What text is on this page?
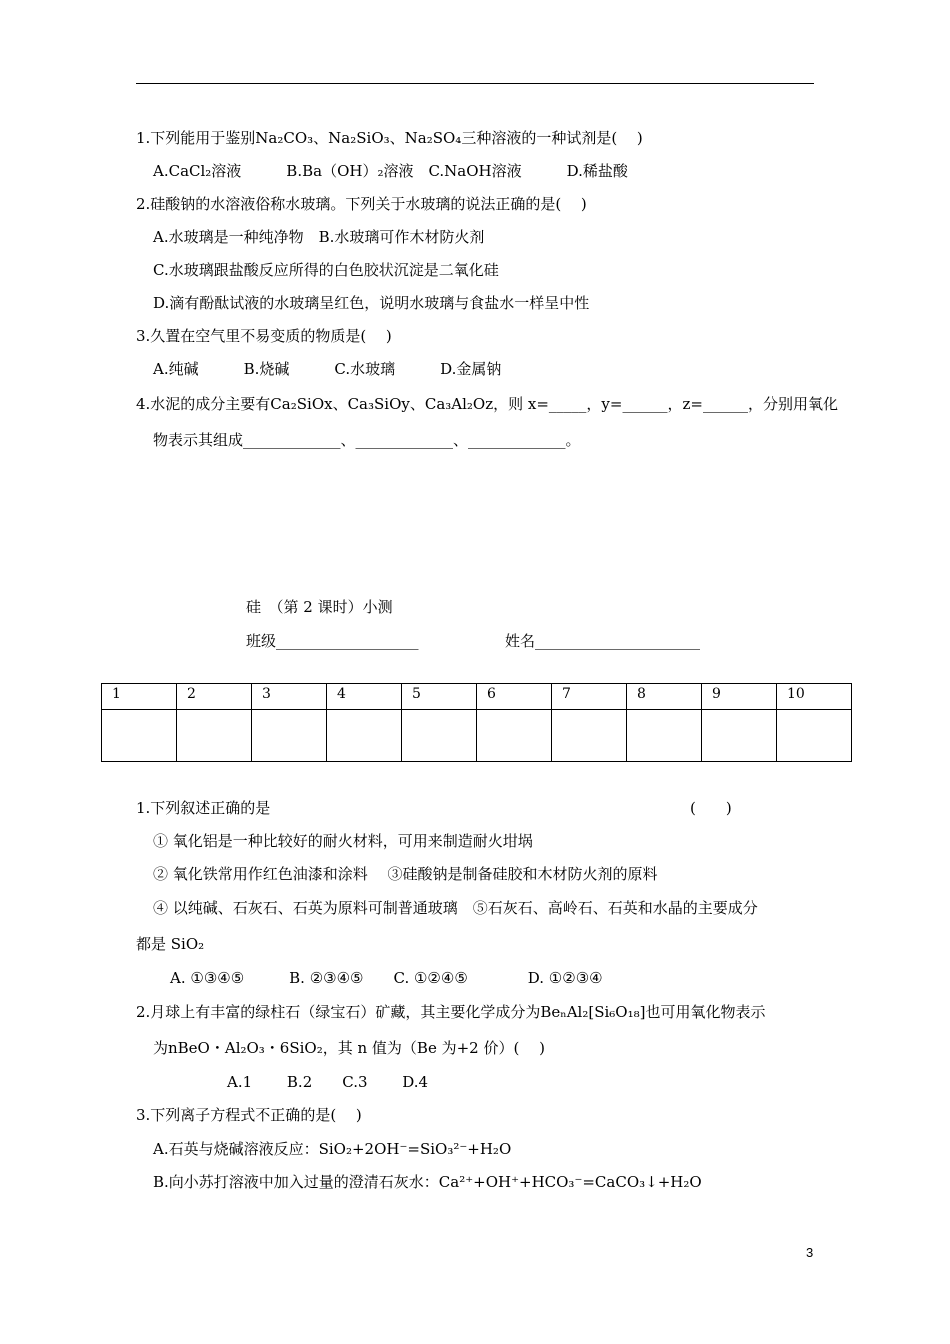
1.下列能用于鉴别Na₂CO₃、Na₂SiO₃、Na₂SO₄三种溶液的一种试剂是(　 )
A.CaCl₂溶液　　　B.Ba（OH）₂溶液　C.NaOH溶液　　　D.稀盐酸
2.硅酸钠的水溶液俗称水玻璃。下列关于水玻璃的说法正确的是(　 )
A.水玻璃是一种纯净物　B.水玻璃可作木材防火剂
C.水玻璃跟盐酸反应所得的白色胶状沉淀是二氧化硅
D.滴有酚酞试液的水玻璃呈红色，说明水玻璃与食盐水一样呈中性
3.久置在空气里不易变质的物质是(　 )
A.纯碱　　　B.烧碱　　　C.水玻璃　　　D.金属钠
4.水泥的成分主要有Ca₂SiOx、Ca₃SiOy、Ca₃Al₂Oz，则 x=_____，y=______，z=______，分别用氧化
物表示其组成_____________、_____________、_____________。
硅　（第 2 课时）小测
班级___________________	姓名______________________
1	2	3	4	5	6	7	8	9	10

1.下列叙述正确的是	(　　)
① 氧化铝是一种比较好的耐火材料，可用来制造耐火坩埚
② 氧化铁常用作红色油漆和涂料　 ③硅酸钠是制备硅胶和木材防火剂的原料
④ 以纯碱、石灰石、石英为原料可制普通玻璃　⑤石灰石、高岭石、石英和水晶的主要成分
都是 SiO₂
A. ①③④⑤　　　B. ②③④⑤　　C. ①②④⑤　　　　D. ①②③④
2.月球上有丰富的绿柱石（绿宝石）矿藏，其主要化学成分为BeₙAl₂[Si₆O₁₈]也可用氧化物表示
为nBeO・Al₂O₃・6SiO₂，其 n 值为（Be 为+2 价）(　 )
A.1　　 B.2　　C.3　　 D.4
3.下列离子方程式不正确的是(　 )
A.石英与烧碱溶液反应：SiO₂+2OH⁻=SiO₃²⁻+H₂O
B.向小苏打溶液中加入过量的澄清石灰水：Ca²⁺+OH⁺+HCO₃⁻=CaCO₃↓+H₂O
3
